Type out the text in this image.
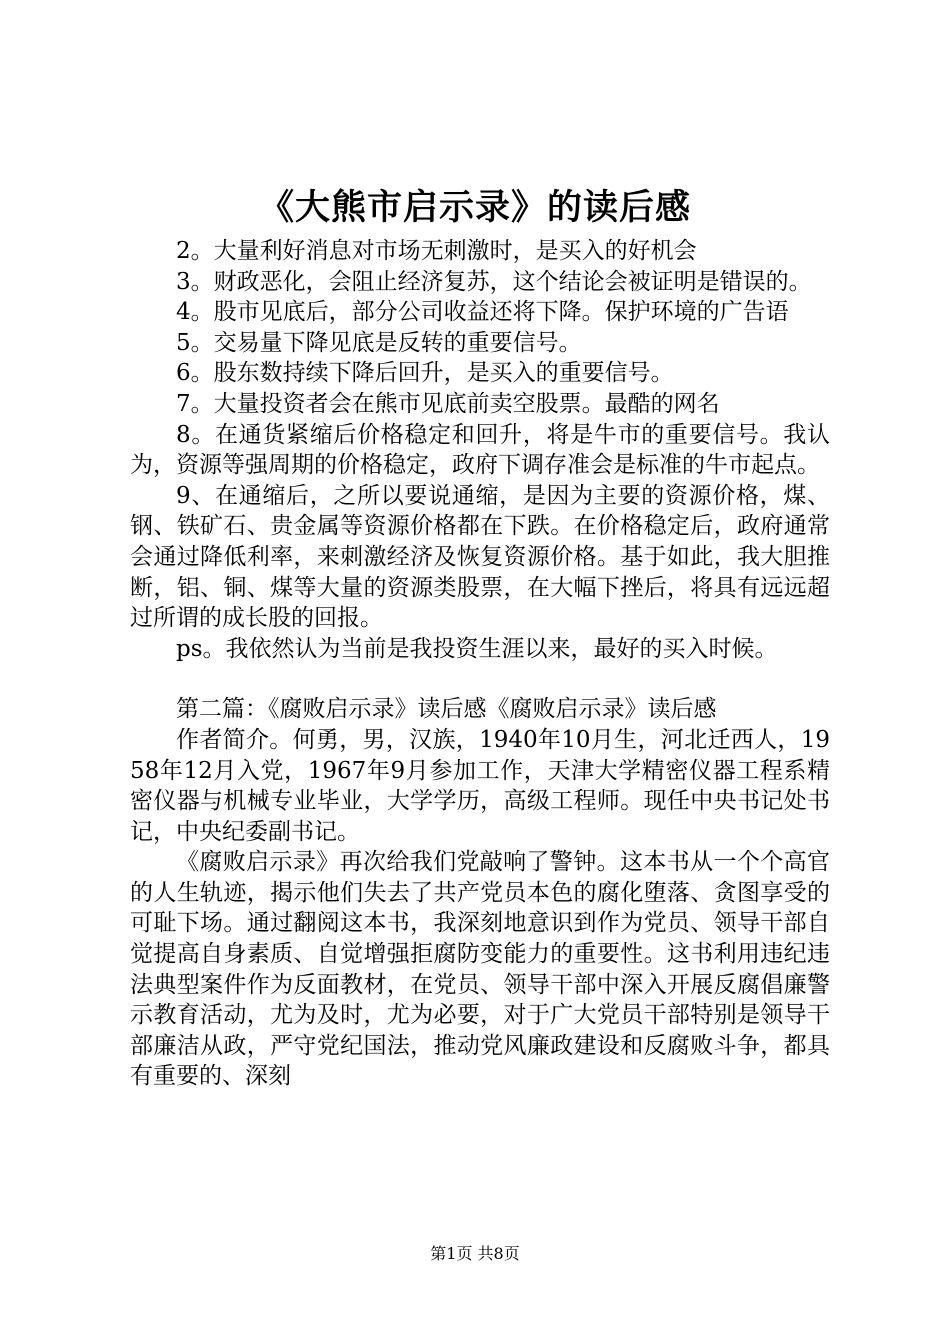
《大熊市启示录》的读后感

2。大量利好消息对市场无刺激时，是买入的好机会

3。财政恶化，会阻止经济复苏，这个结论会被证明是错误的。

4。股市见底后，部分公司收益还将下降。保护环境的广告语

5。交易量下降见底是反转的重要信号。

6。股东数持续下降后回升，是买入的重要信号。

7。大量投资者会在熊市见底前卖空股票。最酷的网名

8。在通货紧缩后价格稳定和回升，将是牛市的重要信号。我认为，资源等强周期的价格稳定，政府下调存准会是标准的牛市起点。

9、在通缩后，之所以要说通缩，是因为主要的资源价格，煤、钢、铁矿石、贵金属等资源价格都在下跌。在价格稳定后，政府通常会通过降低利率，来刺激经济及恢复资源价格。基于如此，我大胆推断，铝、铜、煤等大量的资源类股票，在大幅下挫后，将具有远远超过所谓的成长股的回报。

ps。我依然认为当前是我投资生涯以来，最好的买入时候。

第二篇：《腐败启示录》读后感《腐败启示录》读后感

作者简介。何勇，男，汉族，1940年10月生，河北迁西人，1958年12月入党，1967年9月参加工作，天津大学精密仪器工程系精密仪器与机械专业毕业，大学学历，高级工程师。现任中央书记处书记，中央纪委副书记。

《腐败启示录》再次给我们党敲响了警钟。这本书从一个个高官的人生轨迹，揭示他们失去了共产党员本色的腐化堕落、贪图享受的可耻下场。通过翻阅这本书，我深刻地意识到作为党员、领导干部自觉提高自身素质、自觉增强拒腐防变能力的重要性。这书利用违纪违法典型案件作为反面教材，在党员、领导干部中深入开展反腐倡廉警示教育活动，尤为及时，尤为必要，对于广大党员干部特别是领导干部廉洁从政，严守党纪国法，推动党风廉政建设和反腐败斗争，都具有重要的、深刻

第1页 共8页
